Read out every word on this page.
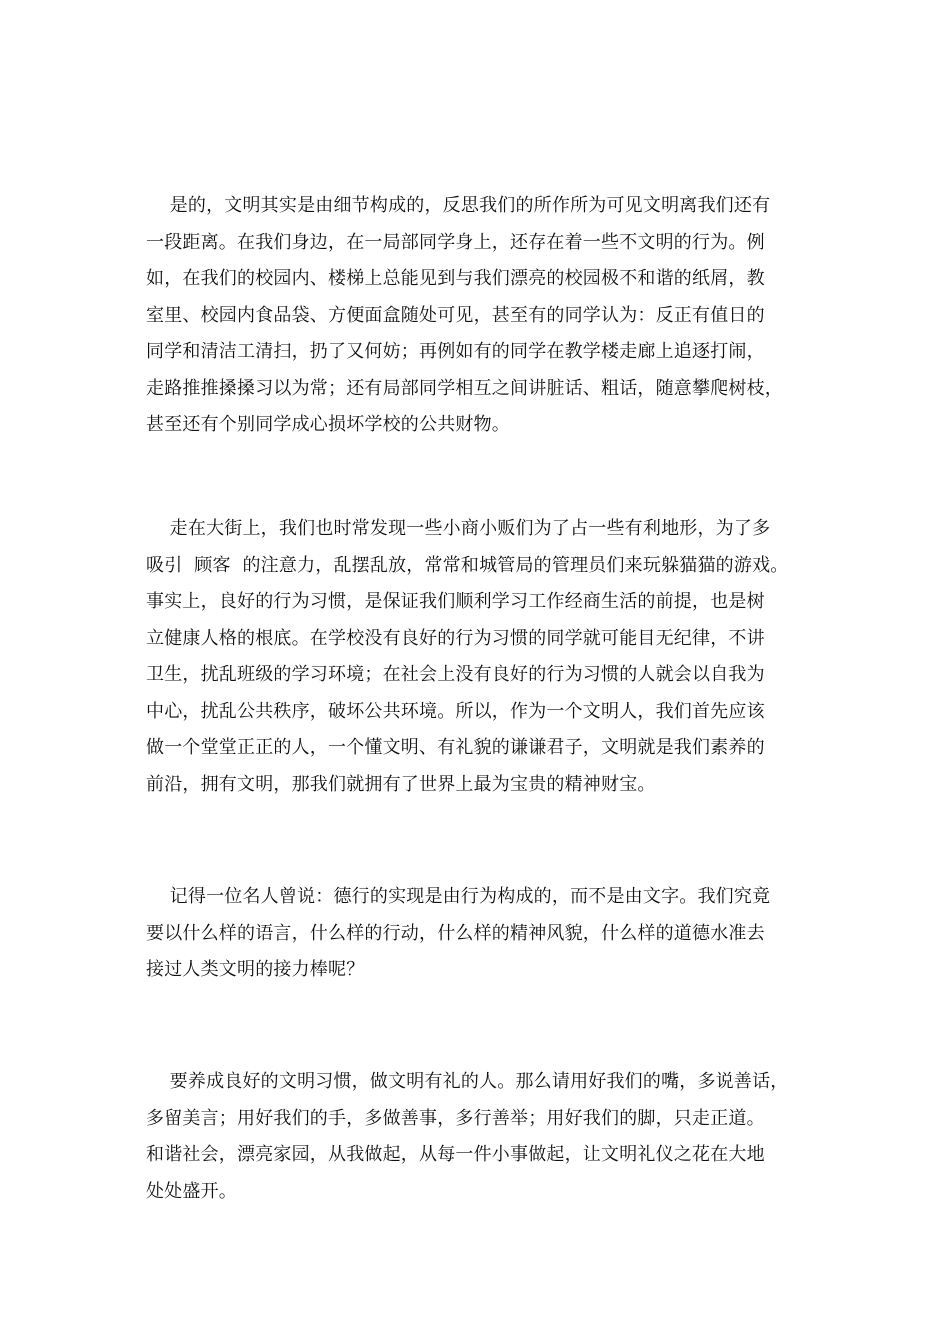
是的，文明其实是由细节构成的，反思我们的所作所为可见文明离我们还有
一段距离。在我们身边，在一局部同学身上，还存在着一些不文明的行为。例
如，在我们的校园内、楼梯上总能见到与我们漂亮的校园极不和谐的纸屑，教
室里、校园内食品袋、方便面盒随处可见，甚至有的同学认为：反正有值日的
同学和清洁工清扫，扔了又何妨；再例如有的同学在教学楼走廊上追逐打闹，
走路推推搡搡习以为常；还有局部同学相互之间讲脏话、粗话，随意攀爬树枝，
甚至还有个别同学成心损坏学校的公共财物。
走在大街上，我们也时常发现一些小商小贩们为了占一些有利地形，为了多
吸引  顾客  的注意力，乱摆乱放，常常和城管局的管理员们来玩躲猫猫的游戏。
事实上，良好的行为习惯，是保证我们顺利学习工作经商生活的前提，也是树
立健康人格的根底。在学校没有良好的行为习惯的同学就可能目无纪律，不讲
卫生，扰乱班级的学习环境；在社会上没有良好的行为习惯的人就会以自我为
中心，扰乱公共秩序，破坏公共环境。所以，作为一个文明人，我们首先应该
做一个堂堂正正的人，一个懂文明、有礼貌的谦谦君子，文明就是我们素养的
前沿，拥有文明，那我们就拥有了世界上最为宝贵的精神财宝。
记得一位名人曾说：德行的实现是由行为构成的，而不是由文字。我们究竟
要以什么样的语言，什么样的行动，什么样的精神风貌，什么样的道德水准去
接过人类文明的接力棒呢？
要养成良好的文明习惯，做文明有礼的人。那么请用好我们的嘴，多说善话，
多留美言；用好我们的手，多做善事，多行善举；用好我们的脚，只走正道。
和谐社会，漂亮家园，从我做起，从每一件小事做起，让文明礼仪之花在大地
处处盛开。
